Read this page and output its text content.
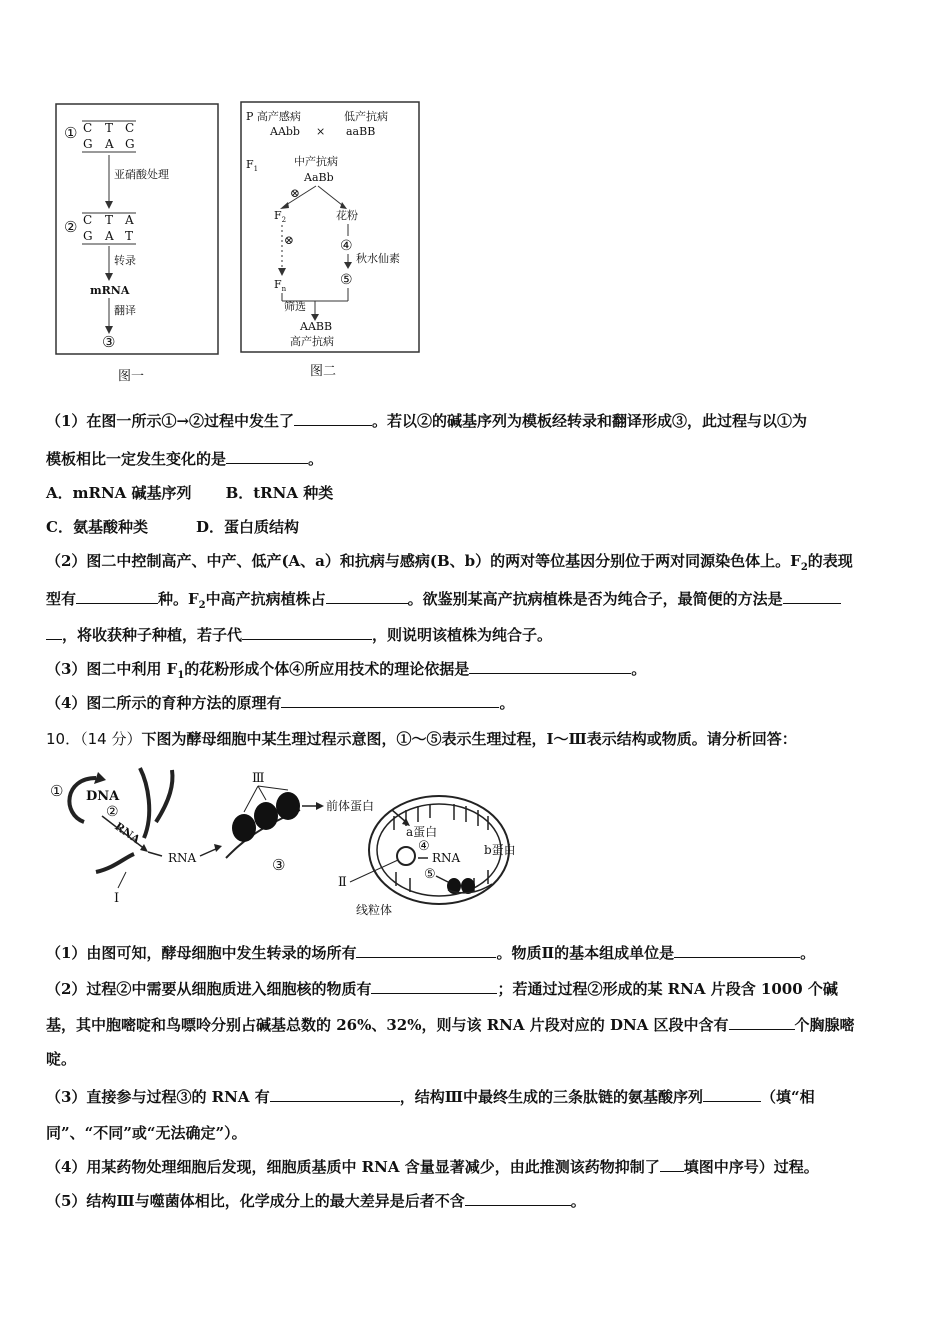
① C T C
G A G
亚硝酸处理
② C T A
G A T
转录
mRNA
翻译
③
图一
P 高产感病	低产抗病
AAbb × aaBB
$F_1$
中产抗病
AaBb
⊗
$F_2$	花粉
⊗	④
秋水仙素
⑤
$F_n$
筛选
AABB
高产抗病
图二
（1）在图一所示①→②过程中发生了	。若以②的碱基序列为模板经转录和翻译形成③，此过程与以①为
模板相比一定发生变化的是	。
A．mRNA 碱基序列 B．tRNA 种类
C．氨基酸种类	D．蛋白质结构
（2）图二中控制高产、中产、低产(A、a）和抗病与感病(B、b）的两对等位基因分别位于两对同源染色体上。$F_2$的表现
型有	种。$F_2$中高产抗病植株占	。欲鉴别某高产抗病植株是否为纯合子，最简便的方法是
，将收获种子种植，若子代	，则说明该植株为纯合子。
（3）图二中利用 $F_1$的花粉形成个体④所应用技术的理论依据是	。
（4）图二所示的育种方法的原理有	。
10．（14 分）下图为酵母细胞中某生理过程示意图，①～⑤表示生理过程，Ⅰ～Ⅲ表示结构或物质。请分析回答：
① DNA
②
RNA
Ⅰ
RNA
Ⅲ
③
前体蛋白
a蛋白
④
RNA
b蛋白
⑤
Ⅱ
线粒体
（1）由图可知，酵母细胞中发生转录的场所有	。物质Ⅱ的基本组成单位是	。
（2）过程②中需要从细胞质进入细胞核的物质有	；若通过过程②形成的某 RNA 片段含 1000 个碱
基，其中胞嘧啶和鸟嘌呤分别占碱基总数的 26%、32%，则与该 RNA 片段对应的 DNA 区段中含有	个胸腺嘧
啶。
（3）直接参与过程③的 RNA 有	，结构Ⅲ中最终生成的三条肽链的氨基酸序列	（填“相
同”、“不同”或“无法确定”）。
（4）用某药物处理细胞后发现，细胞质基质中 RNA 含量显著减少，由此推测该药物抑制了 填图中序号）过程。
（5）结构Ⅲ与噬菌体相比，化学成分上的最大差异是后者不含	。
